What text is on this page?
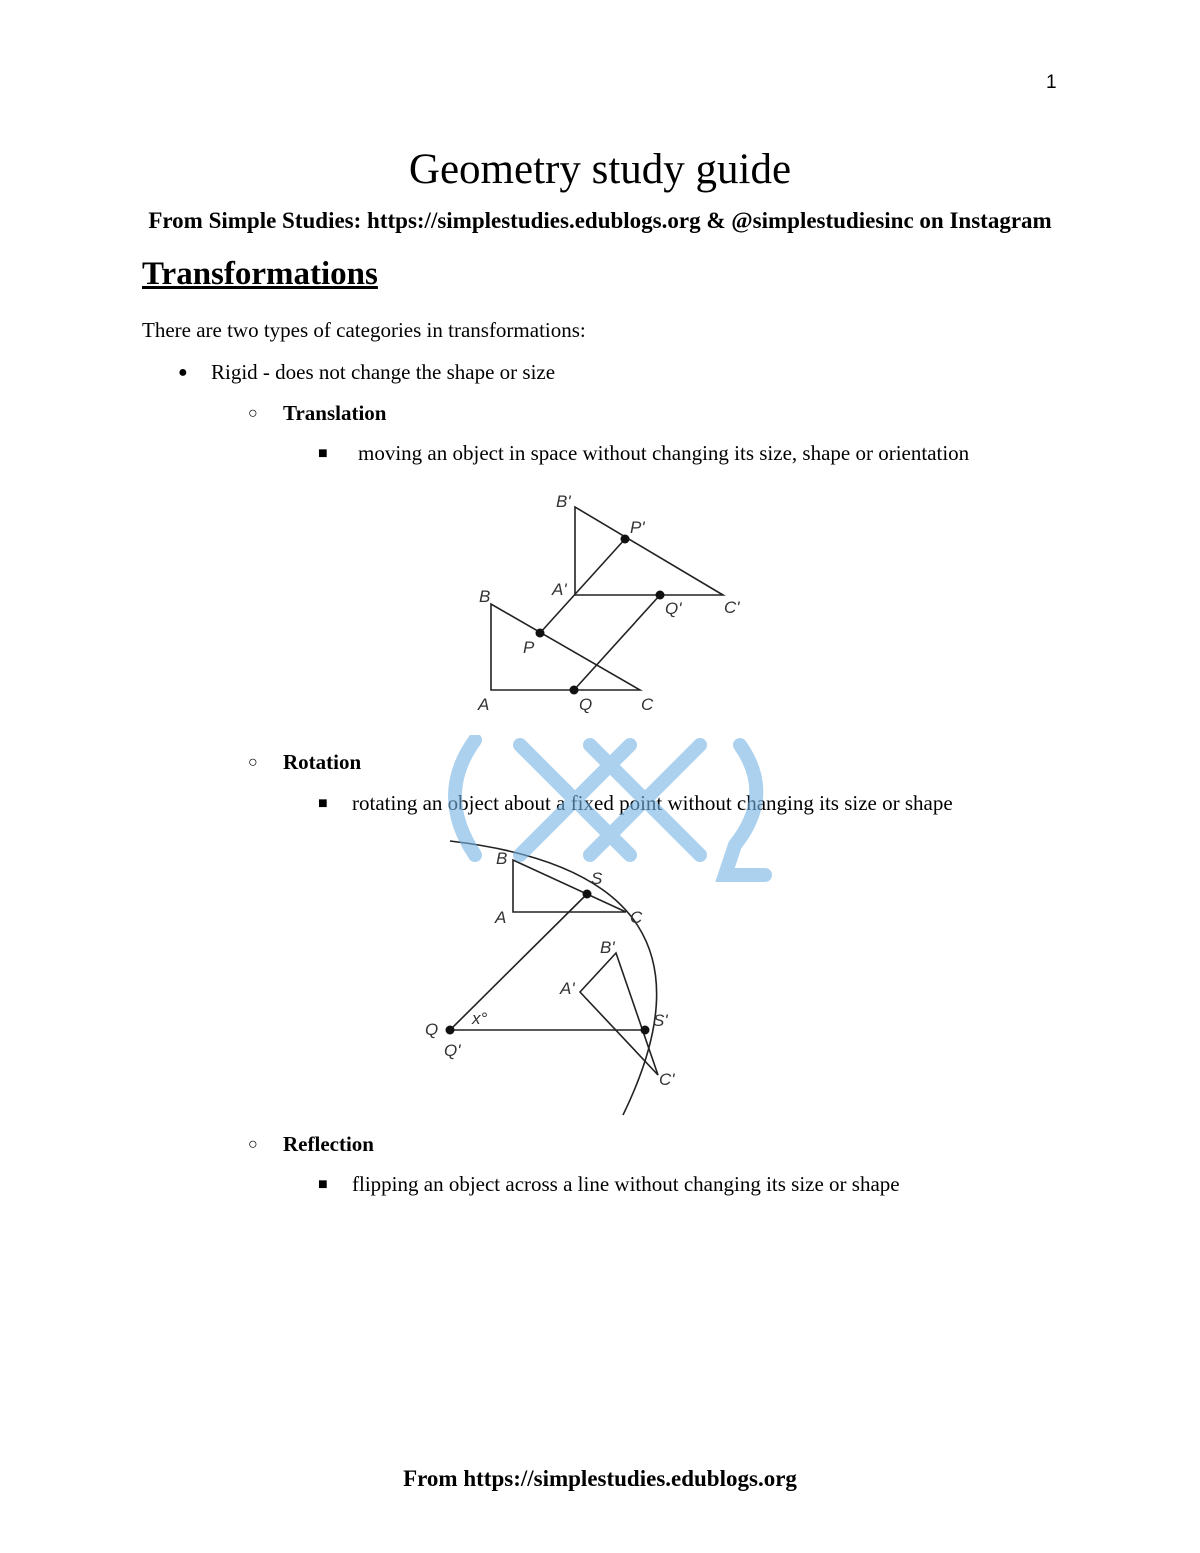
1
Geometry study guide
From Simple Studies: https://simplestudies.edublogs.org & @simplestudiesinc on Instagram
Transformations
There are two types of categories in transformations:
● Rigid - does not change the shape or size
○ Translation
■ moving an object in space without changing its size, shape or orientation
B'
P'
A'
Q'	C'
B
P
A	Q	C
○ Rotation
■ rotating an object about a fixed point without changing its size or shape
B
S
A	C
B'
A'
Q
x°	S'
Q'
C'
○ Reflection
■ flipping an object across a line without changing its size or shape
From https://simplestudies.edublogs.org
